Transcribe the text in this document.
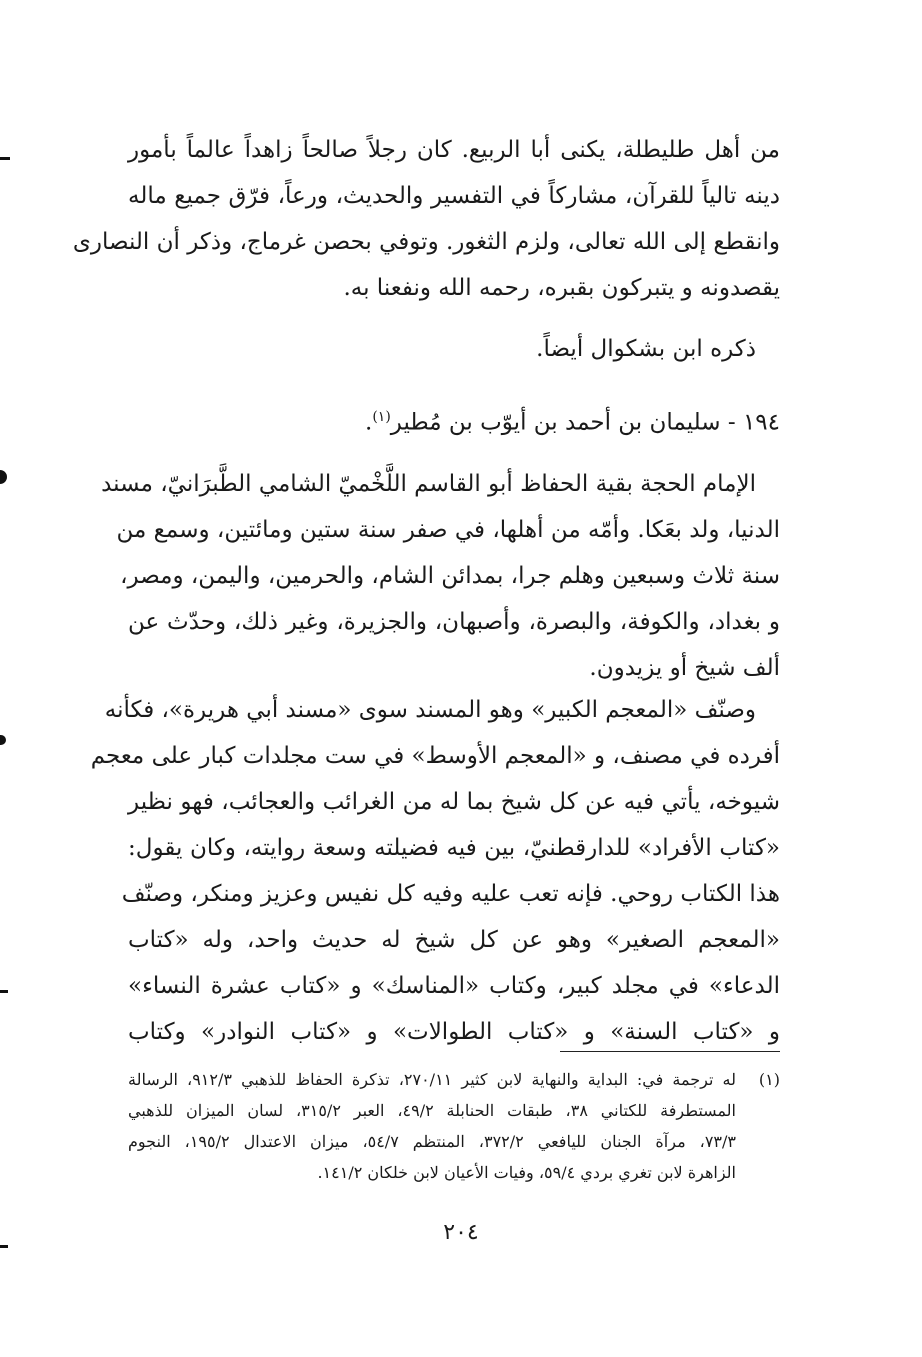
من أهل طليطلة، يكنى أبا الربيع. كان رجلاً صالحاً زاهداً عالماً بأمور
دينه تالياً للقرآن، مشاركاً في التفسير والحديث، ورعاً، فرّق جميع ماله
وانقطع إلى الله تعالى، ولزم الثغور. وتوفي بحصن غرماج، وذكر أن النصارى
يقصدونه و يتبركون بقبره، رحمه الله ونفعنا به.
ذكره ابن بشكوال أيضاً.
١٩٤ - سليمان بن أحمد بن أيوّب بن مُطير$^{(١)}$.
الإمام الحجة بقية الحفاظ أبو القاسم اللَّخْميّ الشامي الطَّبرَانيّ، مسند
الدنيا، ولد بعَكا. وأمّه من أهلها، في صفر سنة ستين ومائتين، وسمع من
سنة ثلاث وسبعين وهلم جرا، بمدائن الشام، والحرمين، واليمن، ومصر،
و بغداد، والكوفة، والبصرة، وأصبهان، والجزيرة، وغير ذلك، وحدّث عن
ألف شيخ أو يزيدون.
وصنّف «المعجم الكبير» وهو المسند سوى «مسند أبي هريرة»، فكأنه
أفرده في مصنف، و «المعجم الأوسط» في ست مجلدات كبار على معجم
شيوخه، يأتي فيه عن كل شيخ بما له من الغرائب والعجائب، فهو نظير
«كتاب الأفراد» للدارقطنيّ، بين فيه فضيلته وسعة روايته، وكان يقول:
هذا الكتاب روحي. فإنه تعب عليه وفيه كل نفيس وعزيز ومنكر، وصنّف
«المعجم الصغير» وهو عن كل شيخ له حديث واحد، وله «كتاب
الدعاء» في مجلد كبير، وكتاب «المناسك» و «كتاب عشرة النساء»
و «كتاب السنة» و «كتاب الطوالات» و «كتاب النوادر» وكتاب
(١)
له ترجمة في: البداية والنهاية لابن كثير ٢٧٠/١١، تذكرة الحفاظ للذهبي ٩١٢/٣، الرسالة
المستطرفة للكتاني ٣٨، طبقات الحنابلة ٤٩/٢، العبر ٣١٥/٢، لسان الميزان للذهبي
٧٣/٣، مرآة الجنان لليافعي ٣٧٢/٢، المنتظم ٥٤/٧، ميزان الاعتدال ١٩٥/٢، النجوم
الزاهرة لابن تغري بردي ٥٩/٤، وفيات الأعيان لابن خلكان ١٤١/٢.
٢٠٤
